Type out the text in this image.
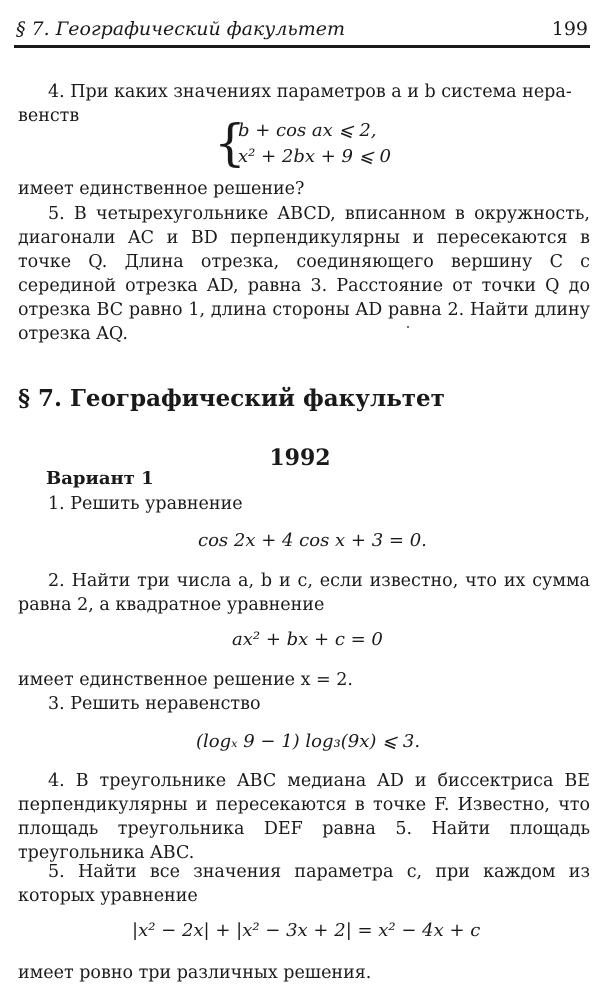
§ 7. Географический факультет	199
4. При каких значениях параметров a и b система нера-
венств	{
b + cos ax ⩽ 2,
x² + 2bx + 9 ⩽ 0
имеет единственное решение?
5. В четырехугольнике ABCD, вписанном в окружность, диагонали AC и BD перпендикулярны и пересекаются в точке Q. Длина отрезка, соединяющего вершину C с серединой отрезка AD, равна 3. Расстояние от точки Q до отрезка BC равно 1, длина стороны AD равна 2. Найти длину отрезка AQ.
§ 7. Географический факультет
1992
Вариант 1
1. Решить уравнение
cos 2x + 4 cos x + 3 = 0.
2. Найти три числа a, b и c, если известно, что их сумма равна 2, а квадратное уравнение
ax² + bx + c = 0
имеет единственное решение x = 2.
3. Решить неравенство
(logₓ 9 − 1) log₃(9x) ⩽ 3.
4. В треугольнике ABC медиана AD и биссектриса BE перпендикулярны и пересекаются в точке F. Известно, что площадь треугольника DEF равна 5. Найти площадь треугольника ABC.
5. Найти все значения параметра c, при каждом из которых уравнение
|x² − 2x| + |x² − 3x + 2| = x² − 4x + c
имеет ровно три различных решения.
